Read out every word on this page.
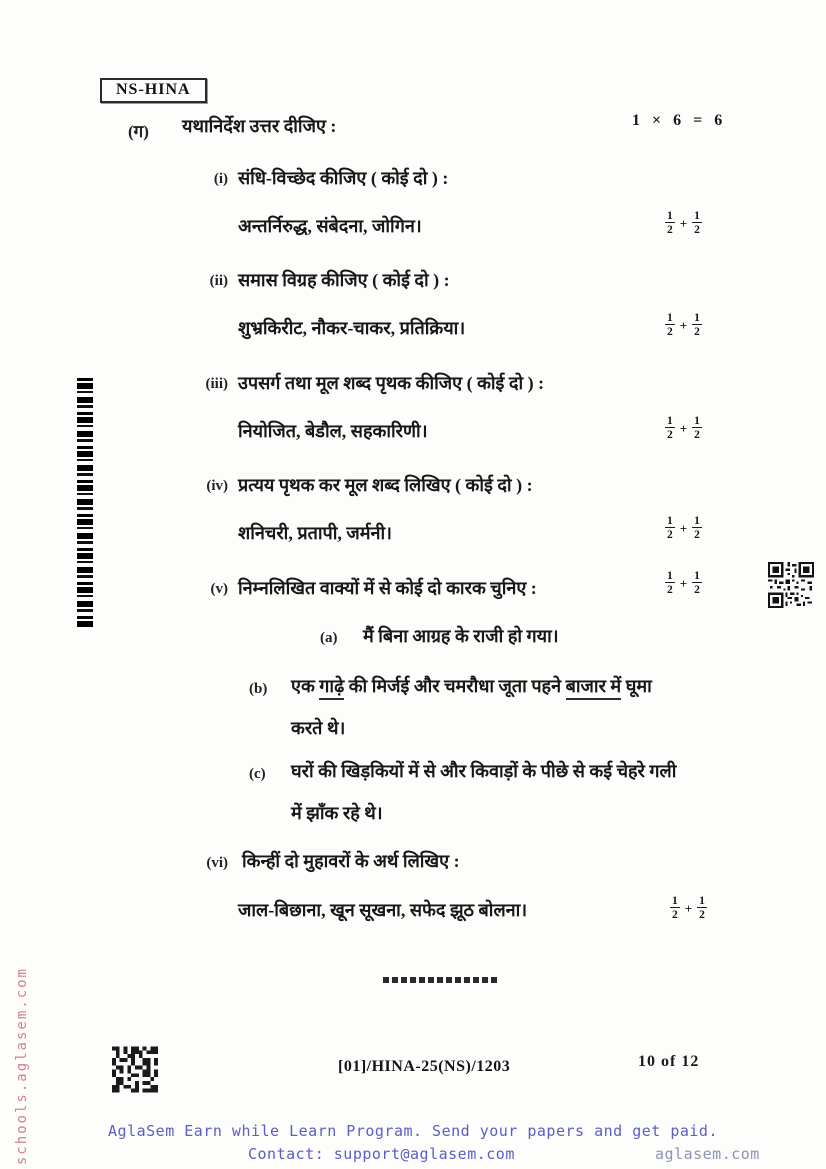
schools.aglasem.com
NS-HINA
(ग) यथानिर्देश उत्तर दीजिए :	1 × 6 = 6
(i) संधि-विच्छेद कीजिए ( कोई दो ) :
अन्तर्निरुद्ध, संबेदना, जोगिन।	$\frac{1}{2} + \frac{1}{2}$
(ii) समास विग्रह कीजिए ( कोई दो ) :
शुभ्रकिरीट, नौकर-चाकर, प्रतिक्रिया।	$\frac{1}{2} + \frac{1}{2}$
(iii) उपसर्ग तथा मूल शब्द पृथक कीजिए ( कोई दो ) :
नियोजित, बेडौल, सहकारिणी।	$\frac{1}{2} + \frac{1}{2}$
(iv) प्रत्यय पृथक कर मूल शब्द लिखिए ( कोई दो ) :
शनिचरी, प्रतापी, जर्मनी।	$\frac{1}{2} + \frac{1}{2}$
(v) निम्नलिखित वाक्यों में से कोई दो कारक चुनिए :	$\frac{1}{2} + \frac{1}{2}$
(a) मैं बिना आग्रह के राजी हो गया।
(b) एक गाढ़े की मिर्जई और चमरौधा जूता पहने बाजार में घूमा
करते थे।
(c) घरों की खिड़कियों में से और किवाड़ों के पीछे से कई चेहरे गली
में झाँक रहे थे।
(vi) किन्हीं दो मुहावरों के अर्थ लिखिए :
जाल-बिछाना, खून सूखना, सफेद झूठ बोलना।	$\frac{1}{2} + \frac{1}{2}$
[01]/HINA-25(NS)/1203	10 of 12
AglaSem Earn while Learn Program. Send your papers and get paid.
Contact: support@aglasem.com	aglasem.com
